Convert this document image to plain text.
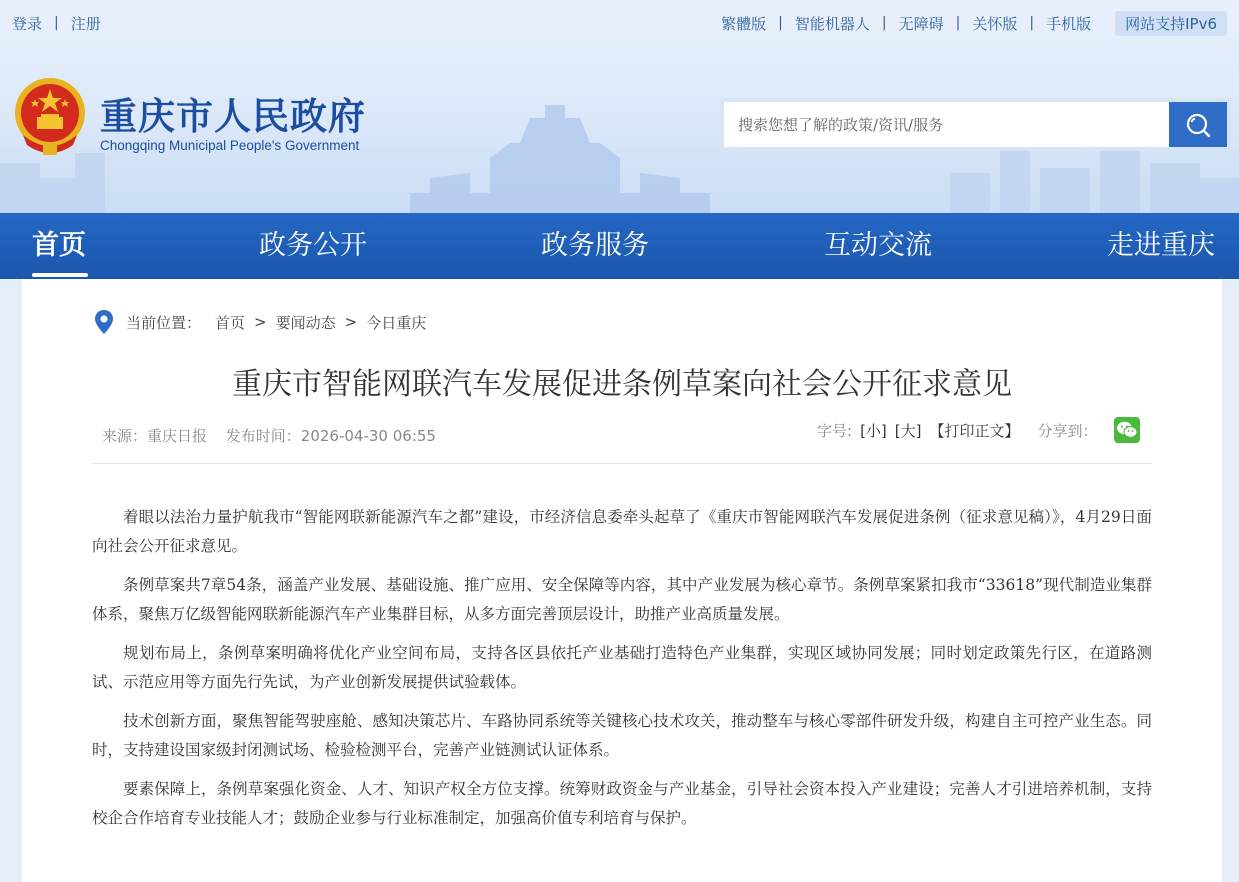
登录 | 注册	繁體版 | 智能机器人 | 无障碍 | 关怀版 | 手机版	网站支持IPv6
重庆市人民政府
Chongqing Municipal People's Government
搜索您想了解的政策/资讯/服务
首页	政务公开	政务服务	互动交流	走进重庆
当前位置： 首页 > 要闻动态 > 今日重庆
重庆市智能网联汽车发展促进条例草案向社会公开征求意见
来源：重庆日报 发布时间：2026-04-30 06:55	字号: [小] [大] 【打印正文】 分享到：

着眼以法治力量护航我市“智能网联新能源汽车之都”建设，市经济信息委牵头起草了《重庆市智能网联汽车发展促进条例（征求意见稿）》，4月29日面向社会公开征求意见。

条例草案共7章54条，涵盖产业发展、基础设施、推广应用、安全保障等内容，其中产业发展为核心章节。条例草案紧扣我市“33618”现代制造业集群体系，聚焦万亿级智能网联新能源汽车产业集群目标，从多方面完善顶层设计，助推产业高质量发展。

规划布局上，条例草案明确将优化产业空间布局，支持各区县依托产业基础打造特色产业集群，实现区域协同发展；同时划定政策先行区，在道路测试、示范应用等方面先行先试，为产业创新发展提供试验载体。

技术创新方面，聚焦智能驾驶座舱、感知决策芯片、车路协同系统等关键核心技术攻关，推动整车与核心零部件研发升级，构建自主可控产业生态。同时，支持建设国家级封闭测试场、检验检测平台，完善产业链测试认证体系。

要素保障上，条例草案强化资金、人才、知识产权全方位支撑。统筹财政资金与产业基金，引导社会资本投入产业建设；完善人才引进培养机制，支持校企合作培育专业技能人才；鼓励企业参与行业标准制定，加强高价值专利培育与保护。
